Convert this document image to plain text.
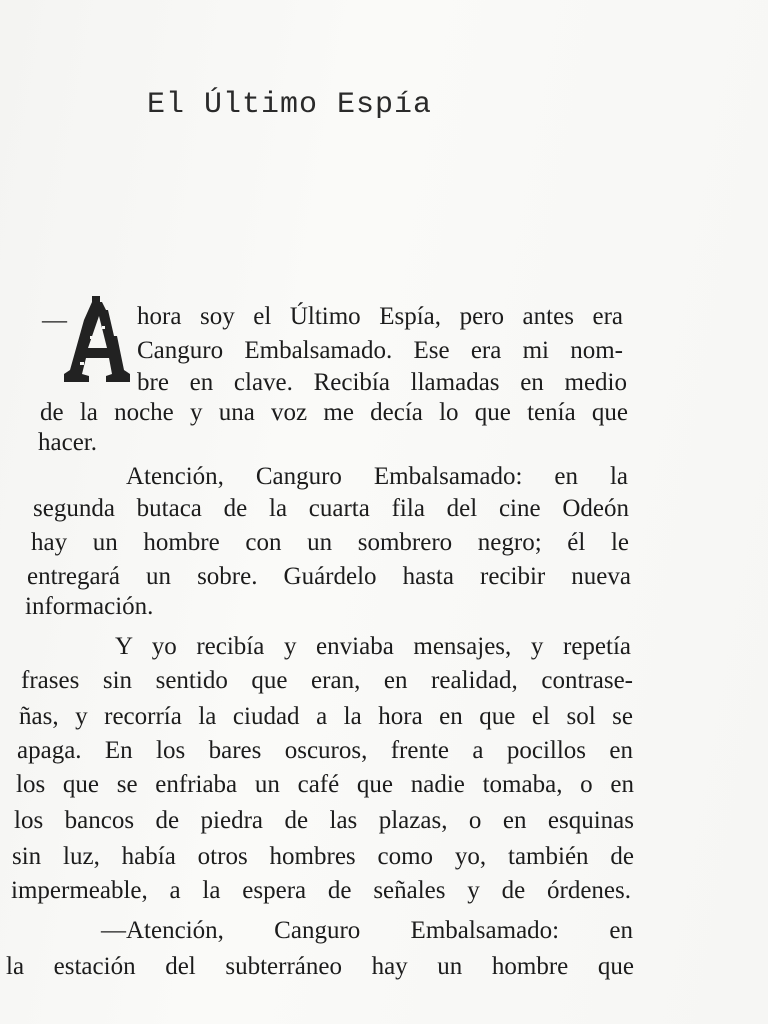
El Último Espía
—	hora soy el Último Espía, pero antes era
Canguro Embalsamado. Ese era mi nom-
bre en clave. Recibía llamadas en medio
de la noche y una voz me decía lo que tenía que
hacer.
Atención, Canguro Embalsamado: en la
segunda butaca de la cuarta fila del cine Odeón
hay un hombre con un sombrero negro; él le
entregará un sobre. Guárdelo hasta recibir nueva
información.
Y yo recibía y enviaba mensajes, y repetía
frases sin sentido que eran, en realidad, contrase-
ñas, y recorría la ciudad a la hora en que el sol se
apaga. En los bares oscuros, frente a pocillos en
los que se enfriaba un café que nadie tomaba, o en
los bancos de piedra de las plazas, o en esquinas
sin luz, había otros hombres como yo, también de
impermeable, a la espera de señales y de órdenes.
—Atención, Canguro Embalsamado: en
la estación del subterráneo hay un hombre que
